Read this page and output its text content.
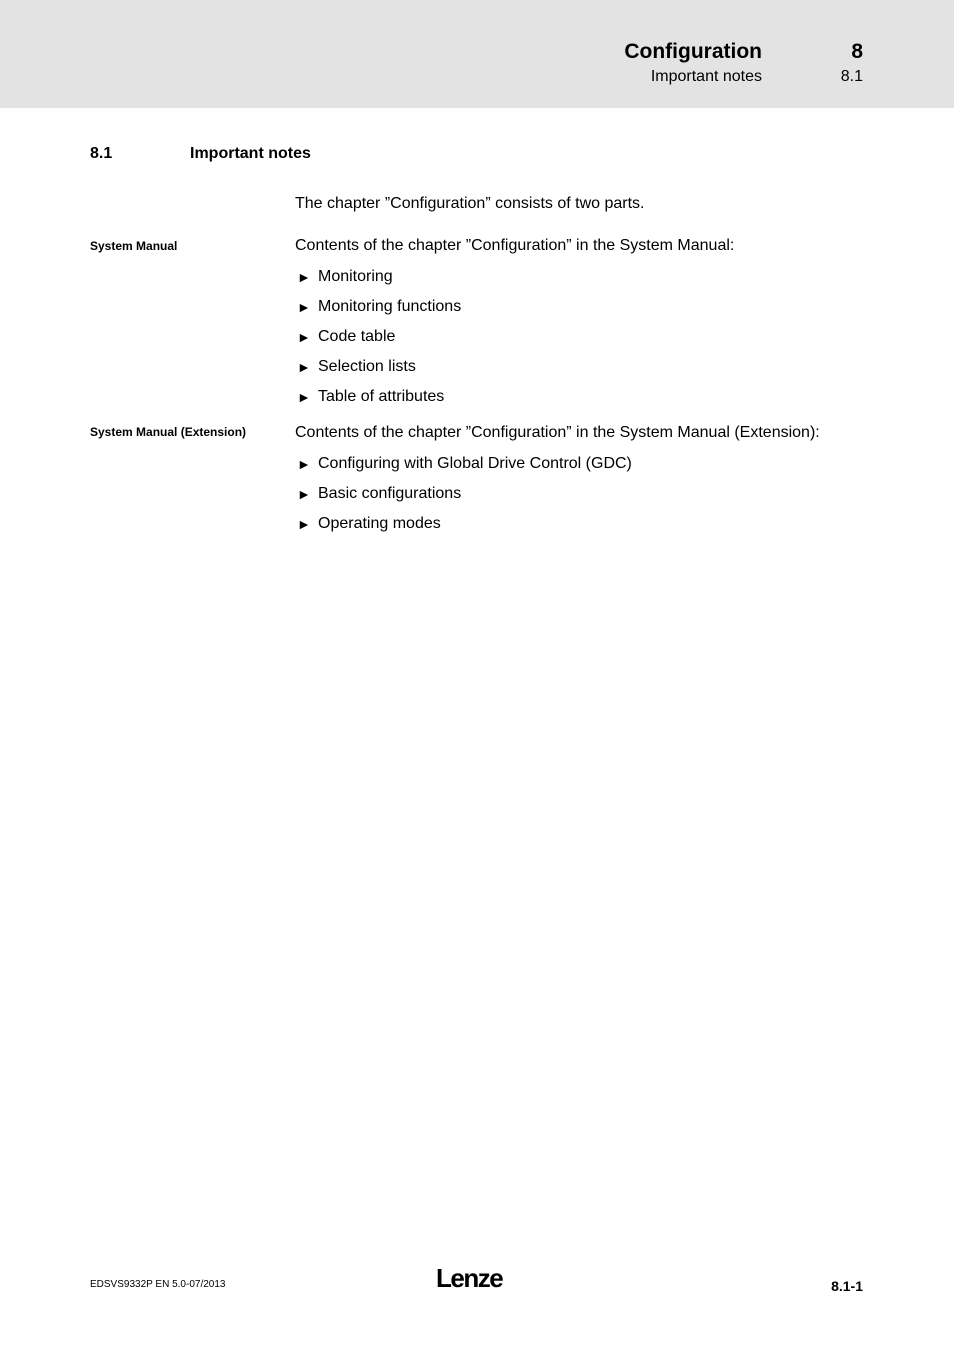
Configuration	8
Important notes	8.1
8.1	Important notes
The chapter ”Configuration” consists of two parts.
System Manual	Contents of the chapter ”Configuration” in the System Manual:
► Monitoring
► Monitoring functions
► Code table
► Selection lists
► Table of attributes
System Manual (Extension)	Contents of the chapter ”Configuration” in the System Manual (Extension):
► Configuring with Global Drive Control (GDC)
► Basic configurations
► Operating modes
EDSVS9332P EN 5.0-07/2013	Lenze	8.1-1
